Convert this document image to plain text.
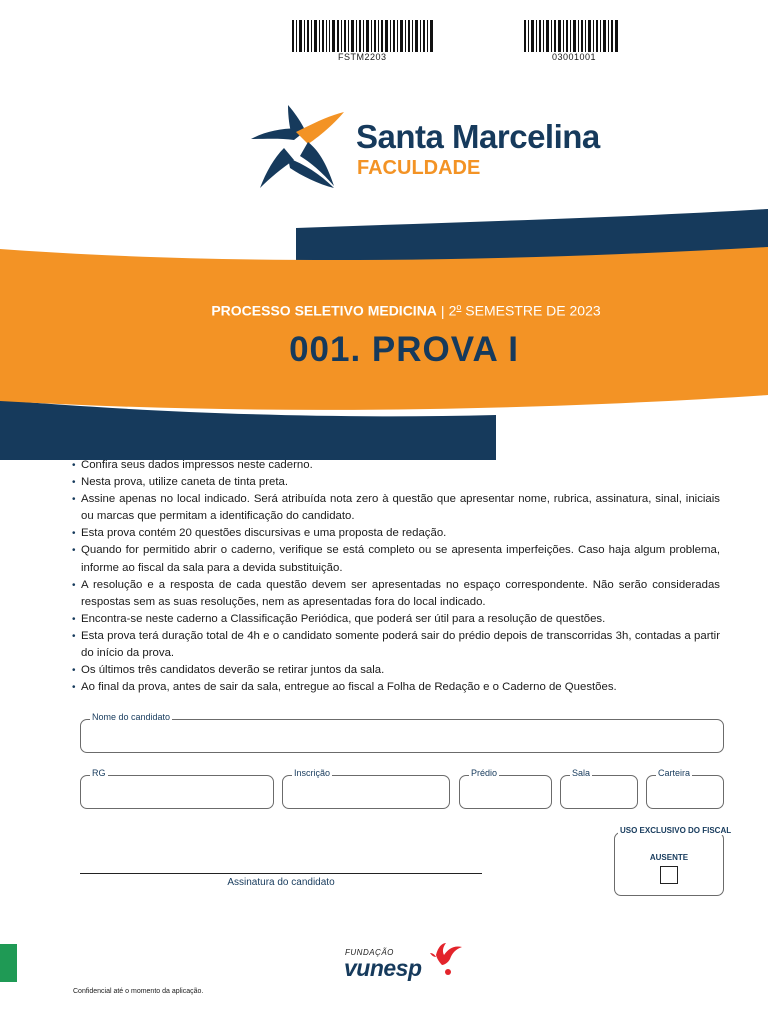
FSTM2203	03001001
Santa Marcelina
FACULDADE
PROCESSO SELETIVO MEDICINA | 2$^o$ SEMESTRE DE 2023
001. PROVA I
• Confira seus dados impressos neste caderno.
• Nesta prova, utilize caneta de tinta preta.
• Assine apenas no local indicado. Será atribuída nota zero à questão que apresentar nome, rubrica, assinatura, sinal, iniciais ou marcas que permitam a identificação do candidato.
• Esta prova contém 20 questões discursivas e uma proposta de redação.
• Quando for permitido abrir o caderno, verifique se está completo ou se apresenta imperfeições. Caso haja algum problema, informe ao fiscal da sala para a devida substituição.
• A resolução e a resposta de cada questão devem ser apresentadas no espaço correspondente. Não serão consideradas respostas sem as suas resoluções, nem as apresentadas fora do local indicado.
• Encontra-se neste caderno a Classificação Periódica, que poderá ser útil para a resolução de questões.
• Esta prova terá duração total de 4h e o candidato somente poderá sair do prédio depois de transcorridas 3h, contadas a partir do início da prova.
• Os últimos três candidatos deverão se retirar juntos da sala.
• Ao final da prova, antes de sair da sala, entregue ao fiscal a Folha de Redação e o Caderno de Questões.
Nome do candidato
RG	Inscrição	Prédio	Sala	Carteira
Assinatura do candidato
USO EXCLUSIVO DO FISCAL
AUSENTE
FUNDAÇÃO
vunesp
Confidencial até o momento da aplicação.
